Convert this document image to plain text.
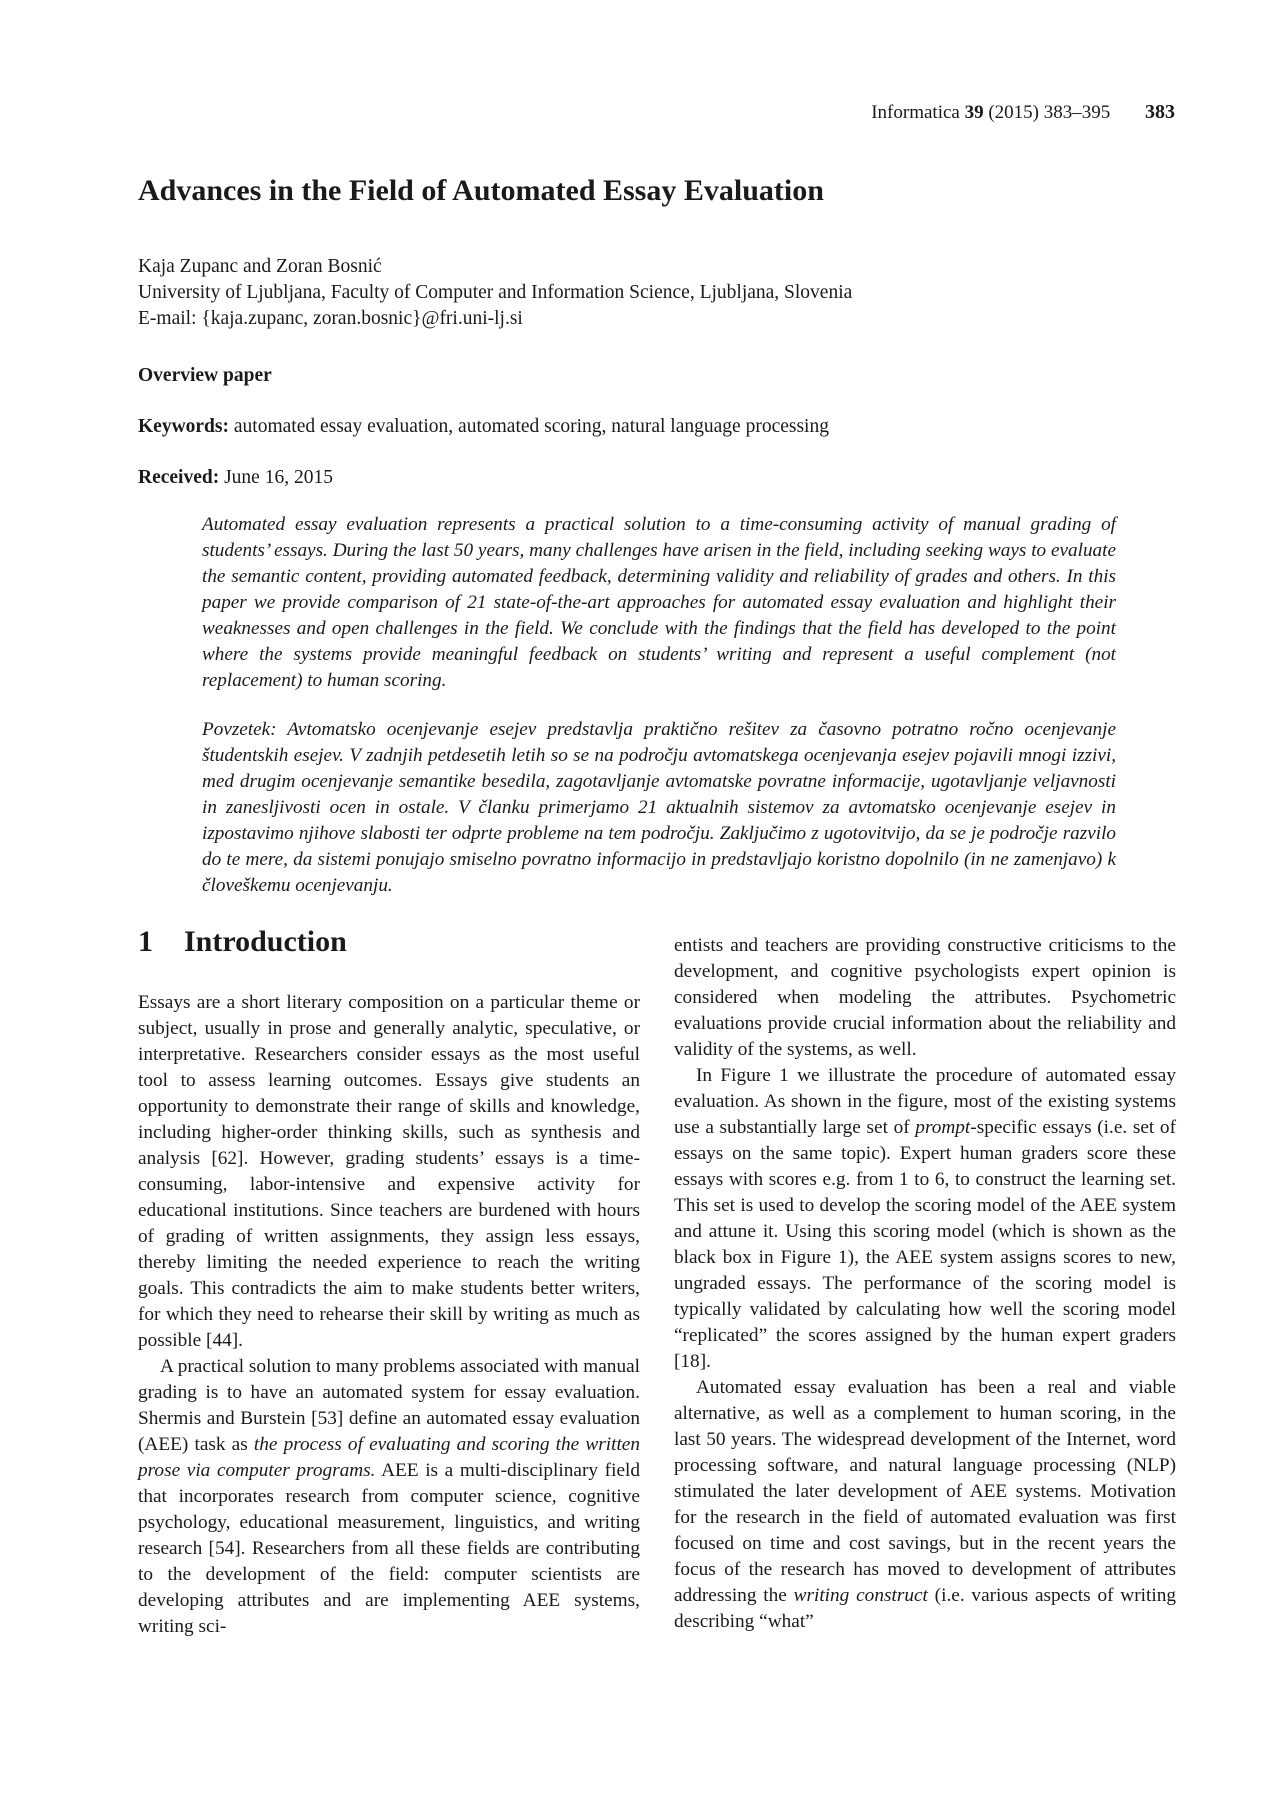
Informatica 39 (2015) 383–395 383
Advances in the Field of Automated Essay Evaluation
Kaja Zupanc and Zoran Bosnić
University of Ljubljana, Faculty of Computer and Information Science, Ljubljana, Slovenia
E-mail: {kaja.zupanc, zoran.bosnic}@fri.uni-lj.si
Overview paper
Keywords: automated essay evaluation, automated scoring, natural language processing
Received: June 16, 2015

Automated essay evaluation represents a practical solution to a time-consuming activity of manual grading of students’ essays. During the last 50 years, many challenges have arisen in the field, including seeking ways to evaluate the semantic content, providing automated feedback, determining validity and reliability of grades and others. In this paper we provide comparison of 21 state-of-the-art approaches for automated essay evaluation and highlight their weaknesses and open challenges in the field. We conclude with the findings that the field has developed to the point where the systems provide meaningful feedback on students’ writing and represent a useful complement (not replacement) to human scoring.

Povzetek: Avtomatsko ocenjevanje esejev predstavlja praktično rešitev za časovno potratno ročno ocenjevanje študentskih esejev. V zadnjih petdesetih letih so se na področju avtomatskega ocenjevanja esejev pojavili mnogi izzivi, med drugim ocenjevanje semantike besedila, zagotavljanje avtomatske povratne informacije, ugotavljanje veljavnosti in zanesljivosti ocen in ostale. V članku primerjamo 21 aktualnih sistemov za avtomatsko ocenjevanje esejev in izpostavimo njihove slabosti ter odprte probleme na tem področju. Zaključimo z ugotovitvijo, da se je področje razvilo do te mere, da sistemi ponujajo smiselno povratno informacijo in predstavljajo koristno dopolnilo (in ne zamenjavo) k človeškemu ocenjevanju.

1 Introduction

Essays are a short literary composition on a particular theme or subject, usually in prose and generally analytic, speculative, or interpretative. Researchers consider essays as the most useful tool to assess learning outcomes. Essays give students an opportunity to demonstrate their range of skills and knowledge, including higher-order thinking skills, such as synthesis and analysis [62]. However, grading students’ essays is a time-consuming, labor-intensive and expensive activity for educational institutions. Since teachers are burdened with hours of grading of written assignments, they assign less essays, thereby limiting the needed experience to reach the writing goals. This contradicts the aim to make students better writers, for which they need to rehearse their skill by writing as much as possible [44].

A practical solution to many problems associated with manual grading is to have an automated system for essay evaluation. Shermis and Burstein [53] define an automated essay evaluation (AEE) task as the process of evaluating and scoring the written prose via computer programs. AEE is a multi-disciplinary field that incorporates research from computer science, cognitive psychology, educational measurement, linguistics, and writing research [54]. Researchers from all these fields are contributing to the development of the field: computer scientists are developing attributes and are implementing AEE systems, writing sci-

entists and teachers are providing constructive criticisms to the development, and cognitive psychologists expert opinion is considered when modeling the attributes. Psychometric evaluations provide crucial information about the reliability and validity of the systems, as well.

In Figure 1 we illustrate the procedure of automated essay evaluation. As shown in the figure, most of the existing systems use a substantially large set of prompt-specific essays (i.e. set of essays on the same topic). Expert human graders score these essays with scores e.g. from 1 to 6, to construct the learning set. This set is used to develop the scoring model of the AEE system and attune it. Using this scoring model (which is shown as the black box in Figure 1), the AEE system assigns scores to new, ungraded essays. The performance of the scoring model is typically validated by calculating how well the scoring model “replicated” the scores assigned by the human expert graders [18].

Automated essay evaluation has been a real and viable alternative, as well as a complement to human scoring, in the last 50 years. The widespread development of the Internet, word processing software, and natural language processing (NLP) stimulated the later development of AEE systems. Motivation for the research in the field of automated evaluation was first focused on time and cost savings, but in the recent years the focus of the research has moved to development of attributes addressing the writing construct (i.e. various aspects of writing describing “what”
